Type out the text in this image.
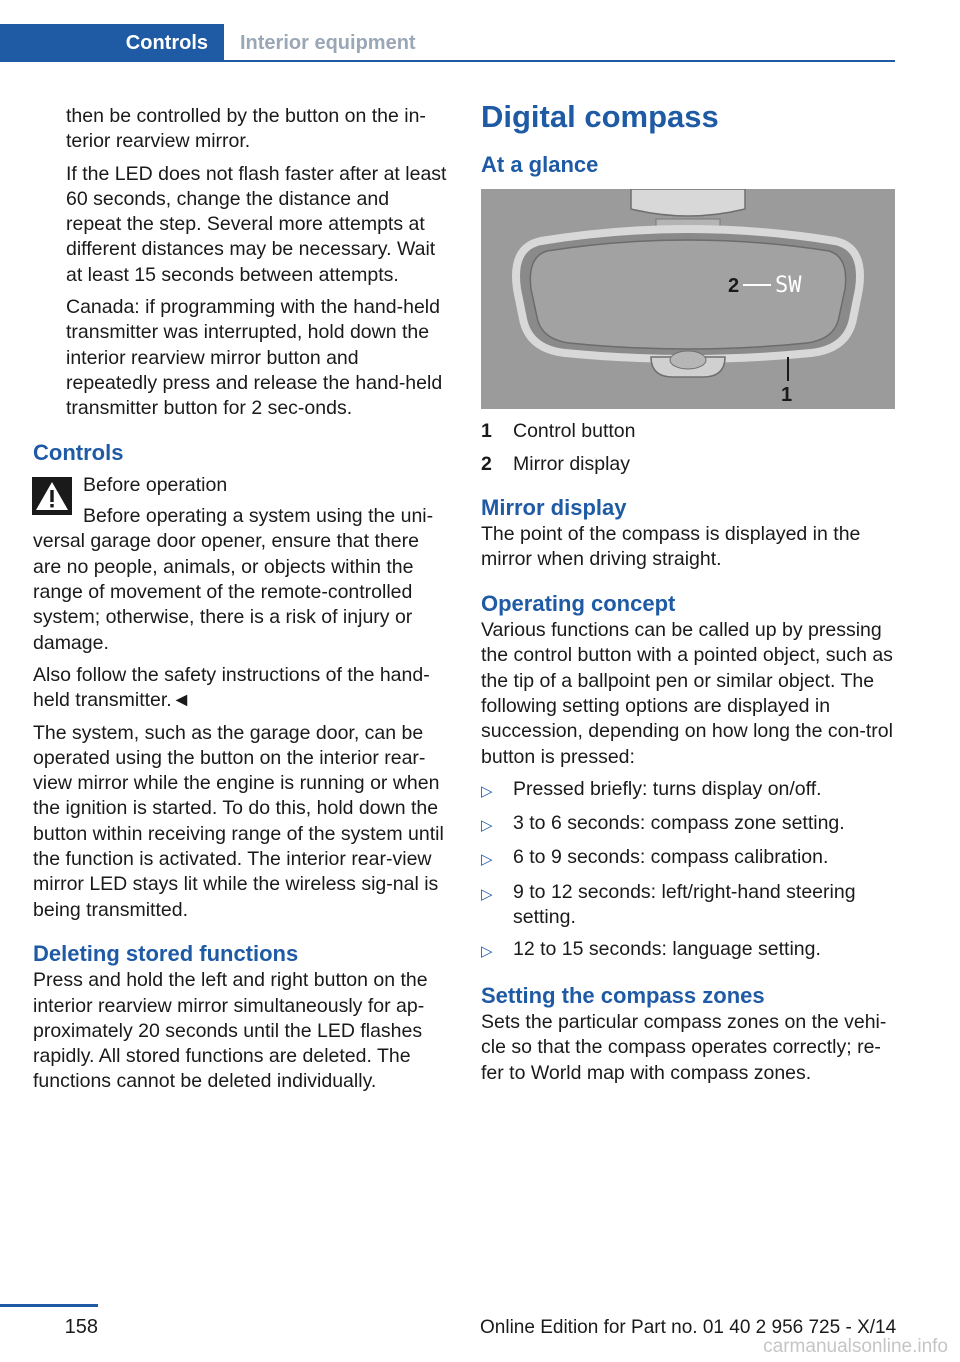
Controls	Interior equipment

then be controlled by the button on the in-terior rearview mirror.

If the LED does not flash faster after at least 60 seconds, change the distance and repeat the step. Several more attempts at different distances may be necessary. Wait at least 15 seconds between attempts.

Canada: if programming with the hand-held transmitter was interrupted, hold down the interior rearview mirror button and repeatedly press and release the hand-held transmitter button for 2 sec-onds.

Controls

Before operation

Before operating a system using the uni-versal garage door opener, ensure that there are no people, animals, or objects within the range of movement of the remote-controlled system; otherwise, there is a risk of injury or damage.

Also follow the safety instructions of the hand-held transmitter.◄

The system, such as the garage door, can be operated using the button on the interior rear-view mirror while the engine is running or when the ignition is started. To do this, hold down the button within receiving range of the system until the function is activated. The interior rear-view mirror LED stays lit while the wireless sig-nal is being transmitted.

Deleting stored functions

Press and hold the left and right button on the interior rearview mirror simultaneously for ap-proximately 20 seconds until the LED flashes rapidly. All stored functions are deleted. The functions cannot be deleted individually.

Digital compass
At a glance
2 SW
1
1	Control button
2	Mirror display
Mirror display

The point of the compass is displayed in the mirror when driving straight.

Operating concept

Various functions can be called up by pressing the control button with a pointed object, such as the tip of a ballpoint pen or similar object. The following setting options are displayed in succession, depending on how long the con-trol button is pressed:

▷	Pressed briefly: turns display on/off.
▷	3 to 6 seconds: compass zone setting.
▷	6 to 9 seconds: compass calibration.
▷	9 to 12 seconds: left/right-hand steering setting.
▷	12 to 15 seconds: language setting.
Setting the compass zones

Sets the particular compass zones on the vehi-cle so that the compass operates correctly; re-fer to World map with compass zones.

158	Online Edition for Part no. 01 40 2 956 725 - X/14
carmanualsonline.info
